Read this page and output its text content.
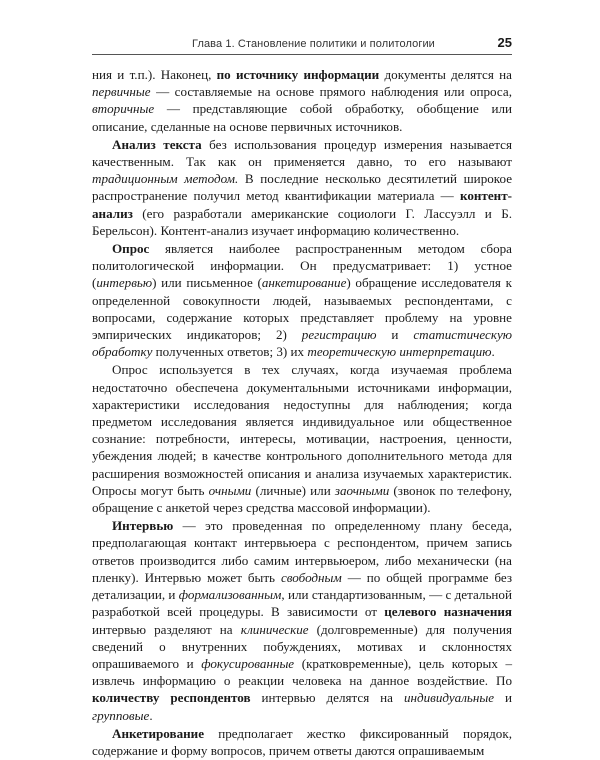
Глава 1. Становление политики и политологии	25

ния и т.п.). Наконец, по источнику информации документы делятся на первичные — составляемые на основе прямого наблюдения или опроса, вторичные — представляющие собой обработку, обобщение или описание, сделанные на основе первичных источников.

Анализ текста без использования процедур измерения называется качественным. Так как он применяется давно, то его называют традиционным методом. В последние несколько десятилетий широкое распространение получил метод квантификации материала — контент-анализ (его разработали американские социологи Г. Лассуэлл и Б. Берельсон). Контент-анализ изучает информацию количественно.

Опрос является наиболее распространенным методом сбора политологической информации. Он предусматривает: 1) устное (интервью) или письменное (анкетирование) обращение исследователя к определенной совокупности людей, называемых респондентами, с вопросами, содержание которых представляет проблему на уровне эмпирических индикаторов; 2) регистрацию и статистическую обработку полученных ответов; 3) их теоретическую интерпретацию.

Опрос используется в тех случаях, когда изучаемая проблема недостаточно обеспечена документальными источниками информации, характеристики исследования недоступны для наблюдения; когда предметом исследования является индивидуальное или общественное сознание: потребности, интересы, мотивации, настроения, ценности, убеждения людей; в качестве контрольного дополнительного метода для расширения возможностей описания и анализа изучаемых характеристик. Опросы могут быть очными (личные) или заочными (звонок по телефону, обращение с анкетой через средства массовой информации).

Интервью — это проведенная по определенному плану беседа, предполагающая контакт интервьюера с респондентом, причем запись ответов производится либо самим интервьюером, либо механически (на пленку). Интервью может быть свободным — по общей программе без детализации, и формализованным, или стандартизованным, — с детальной разработкой всей процедуры. В зависимости от целевого назначения интервью разделяют на клинические (долговременные) для получения сведений о внутренних побуждениях, мотивах и склонностях опрашиваемого и фокусированные (кратковременные), цель которых – извлечь информацию о реакции человека на данное воздействие. По количеству респондентов интервью делятся на индивидуальные и групповые.

Анкетирование предполагает жестко фиксированный порядок, содержание и форму вопросов, причем ответы даются опрашиваемым
